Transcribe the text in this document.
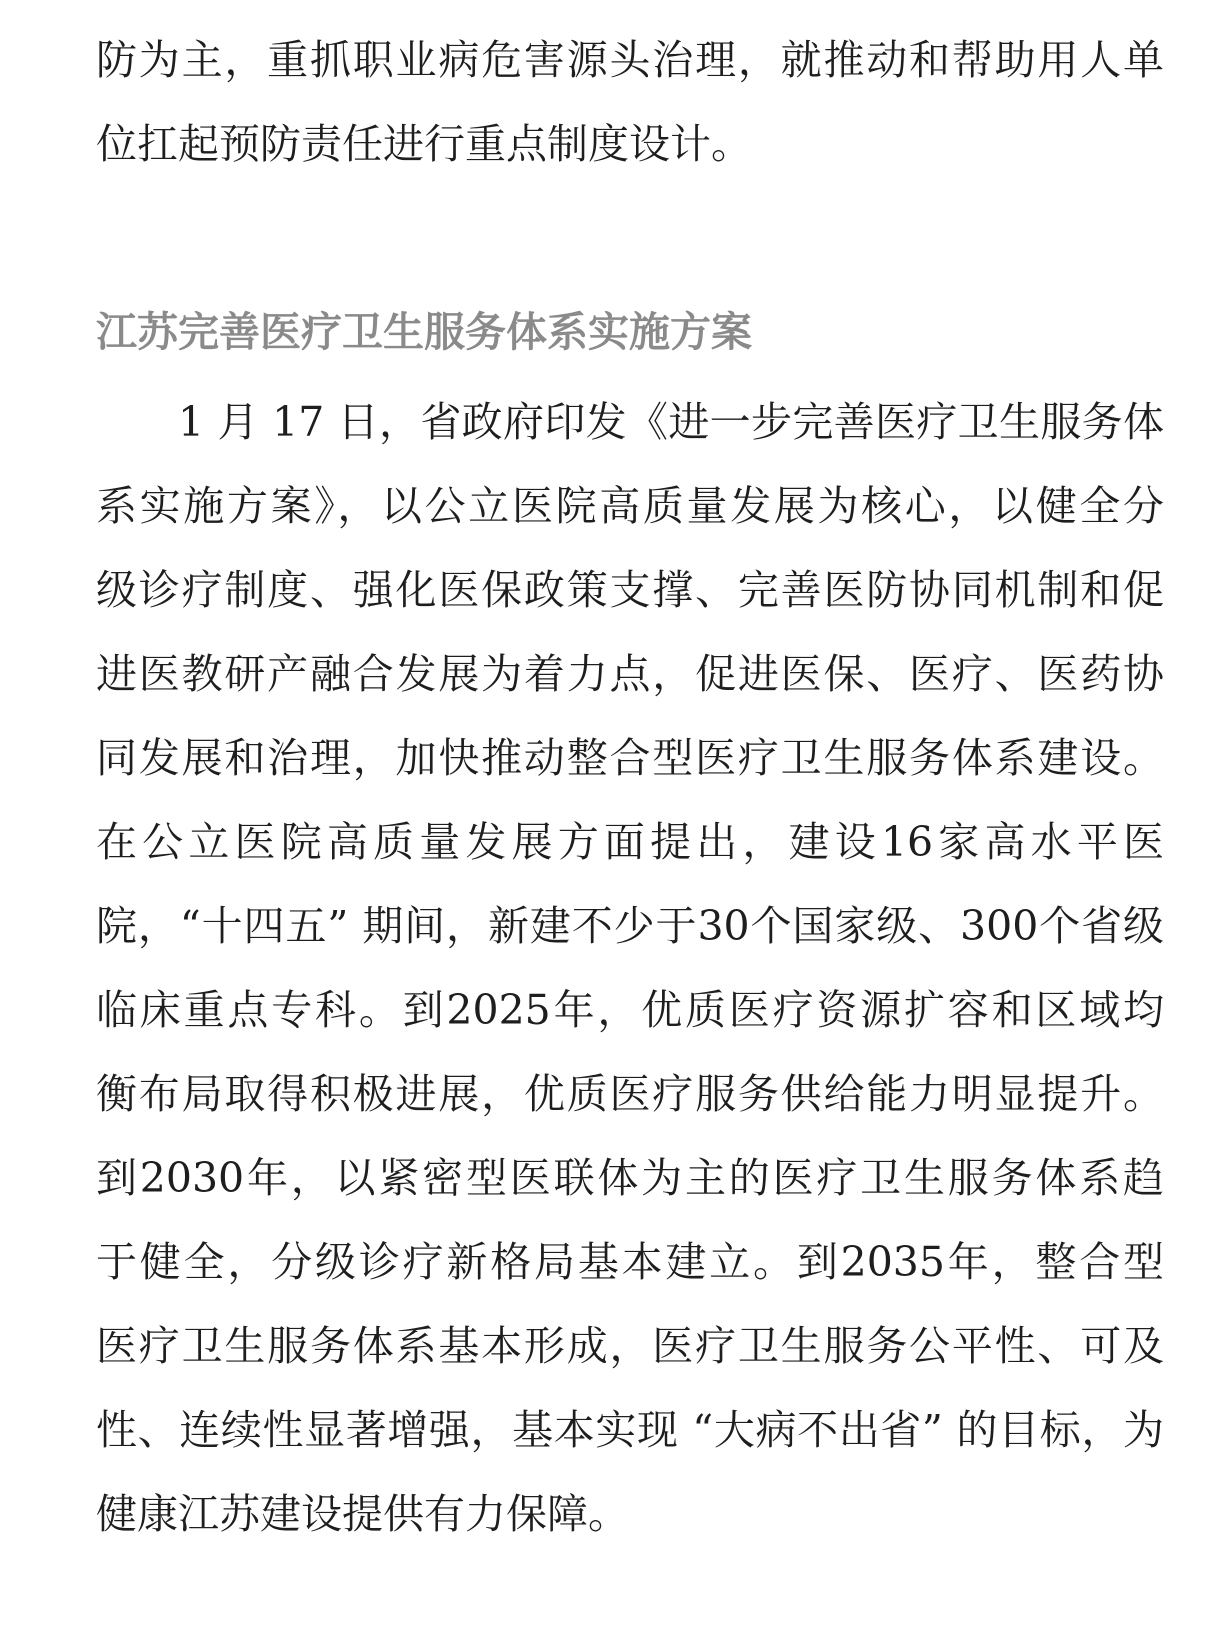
防为主，重抓职业病危害源头治理，就推动和帮助用人单
位扛起预防责任进行重点制度设计。
江苏完善医疗卫生服务体系实施方案
1 月 17 日，省政府印发《进一步完善医疗卫生服务体
系实施方案》，以公立医院高质量发展为核心，以健全分
级诊疗制度、强化医保政策支撑、完善医防协同机制和促
进医教研产融合发展为着力点，促进医保、医疗、医药协
同发展和治理，加快推动整合型医疗卫生服务体系建设。
在公立医院高质量发展方面提出，建设16家高水平医
院，“十四五” 期间，新建不少于30个国家级、300个省级
临床重点专科。到2025年，优质医疗资源扩容和区域均
衡布局取得积极进展，优质医疗服务供给能力明显提升。
到2030年，以紧密型医联体为主的医疗卫生服务体系趋
于健全，分级诊疗新格局基本建立。到2035年，整合型
医疗卫生服务体系基本形成，医疗卫生服务公平性、可及
性、连续性显著增强，基本实现 “大病不出省” 的目标，为
健康江苏建设提供有力保障。
